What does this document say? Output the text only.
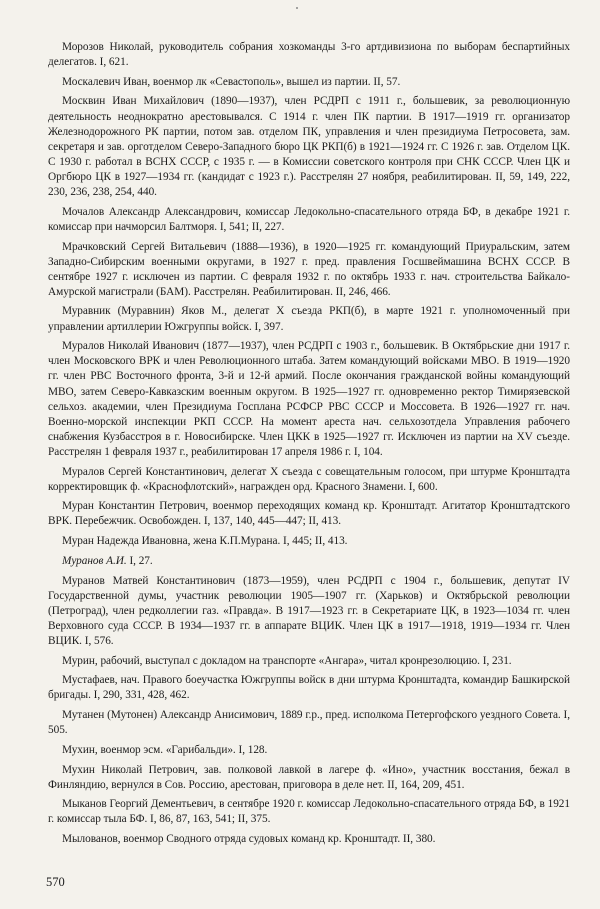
Морозов Николай, руководитель собрания хозкоманды 3-го артдивизиона по выборам беспартийных делегатов. I, 621.

Москалевич Иван, военмор лк «Севастополь», вышел из партии. II, 57.

Москвин Иван Михайлович (1890—1937), член РСДРП с 1911 г., большевик, за революционную деятельность неоднократно арестовывался. С 1914 г. член ПК партии. В 1917—1919 гг. организатор Железнодорожного РК партии, потом зав. отделом ПК, управления и член президиума Петросовета, зам. секретаря и зав. орготделом Северо-Западного бюро ЦК РКП(б) в 1921—1924 гг. С 1926 г. зав. Отделом ЦК. С 1930 г. работал в ВСНХ СССР, с 1935 г. — в Комиссии советского контроля при СНК СССР. Член ЦК и Оргбюро ЦК в 1927—1934 гг. (кандидат с 1923 г.). Расстрелян 27 ноября, реабилитирован. II, 59, 149, 222, 230, 236, 238, 254, 440.

Мочалов Александр Александрович, комиссар Ледокольно-спасательного отряда БФ, в декабре 1921 г. комиссар при начморсил Балтморя. I, 541; II, 227.

Мрачковский Сергей Витальевич (1888—1936), в 1920—1925 гг. командующий Приуральским, затем Западно-Сибирским военными округами, в 1927 г. пред. правления Госшвеймашина ВСНХ СССР. В сентябре 1927 г. исключен из партии. С февраля 1932 г. по октябрь 1933 г. нач. строительства Байкало-Амурской магистрали (БАМ). Расстрелян. Реабилитирован. II, 246, 466.

Муравник (Муравнин) Яков М., делегат X съезда РКП(б), в марте 1921 г. уполномоченный при управлении артиллерии Южгруппы войск. I, 397.

Муралов Николай Иванович (1877—1937), член РСДРП с 1903 г., большевик. В Октябрьские дни 1917 г. член Московского ВРК и член Революционного штаба. Затем командующий войсками МВО. В 1919—1920 гг. член РВС Восточного фронта, 3-й и 12-й армий. После окончания гражданской войны командующий МВО, затем Северо-Кавказским военным округом. В 1925—1927 гг. одновременно ректор Тимирязевской сельхоз. академии, член Президиума Госплана РСФСР РВС СССР и Моссовета. В 1926—1927 гг. нач. Военно-морской инспекции РКП СССР. На момент ареста нач. сельхозотдела Управления рабочего снабжения Кузбасстроя в г. Новосибирске. Член ЦКК в 1925—1927 гг. Исключен из партии на XV съезде. Расстрелян 1 февраля 1937 г., реабилитирован 17 апреля 1986 г. I, 104.

Муралов Сергей Константинович, делегат X съезда с совещательным голосом, при штурме Кронштадта корректировщик ф. «Краснофлотский», награжден орд. Красного Знамени. I, 600.

Муран Константин Петрович, военмор переходящих команд кр. Кронштадт. Агитатор Кронштадтского ВРК. Перебежчик. Освобожден. I, 137, 140, 445—447; II, 413.

Муран Надежда Ивановна, жена К.П.Мурана. I, 445; II, 413.

Муранов А.И. I, 27.

Муранов Матвей Константинович (1873—1959), член РСДРП с 1904 г., большевик, депутат IV Государственной думы, участник революции 1905—1907 гг. (Харьков) и Октябрьской революции (Петроград), член редколлегии газ. «Правда». В 1917—1923 гг. в Секретариате ЦК, в 1923—1034 гг. член Верховного суда СССР. В 1934—1937 гг. в аппарате ВЦИК. Член ЦК в 1917—1918, 1919—1934 гг. Член ВЦИК. I, 576.

Мурин, рабочий, выступал с докладом на транспорте «Ангара», читал кронрезолюцию. I, 231.

Мустафаев, нач. Правого боеучастка Южгруппы войск в дни штурма Кронштадта, командир Башкирской бригады. I, 290, 331, 428, 462.

Мутанен (Мутонен) Александр Анисимович, 1889 г.р., пред. исполкома Петергофского уездного Совета. I, 505.

Мухин, военмор эсм. «Гарибальди». I, 128.

Мухин Николай Петрович, зав. полковой лавкой в лагере ф. «Ино», участник восстания, бежал в Финляндию, вернулся в Сов. Россию, арестован, приговора в деле нет. II, 164, 209, 451.

Мыканов Георгий Дементьевич, в сентябре 1920 г. комиссар Ледокольно-спасательного отряда БФ, в 1921 г. комиссар тыла БФ. I, 86, 87, 163, 541; II, 375.

Мылованов, военмор Сводного отряда судовых команд кр. Кронштадт. II, 380.

570
